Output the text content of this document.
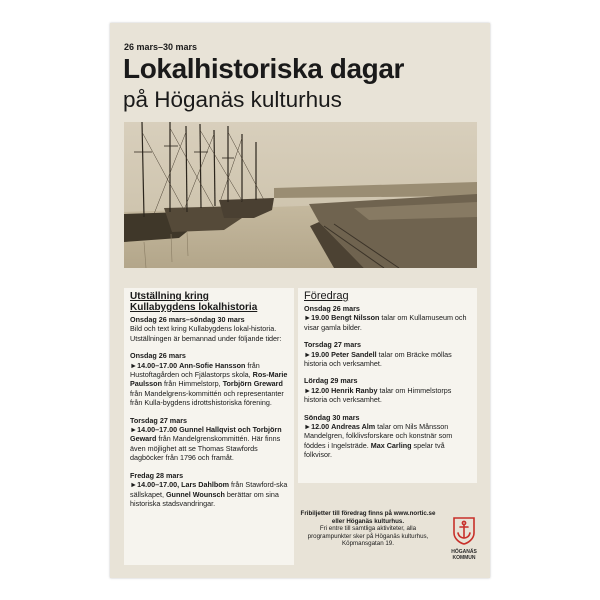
26 mars–30 mars
Lokalhistoriska dagar
på Höganäs kulturhus
Utställning kring
Kullabygdens lokalhistoria
Onsdag 26 mars–söndag 30 mars
Bild och text kring Kullabygdens lokal-historia. Utställningen är bemannad under följande tider:
Onsdag 26 mars
►14.00–17.00 Ann-Sofie Hansson från Hustoftagården och Fjälastorps skola, Ros-Marie Paulsson från Himmelstorp, Torbjörn Greward från Mandelgrens-kommittén och representanter från Kulla-bygdens idrottshistoriska förening.
Torsdag 27 mars
►14.00–17.00 Gunnel Hallqvist och Torbjörn Geward från Mandelgrenskommittén. Här finns även möjlighet att se Thomas Stawfords dagböcker från 1796 och framåt.
Fredag 28 mars
►14.00–17.00, Lars Dahlbom från Stawford-ska sällskapet, Gunnel Wounsch berättar om sina historiska stadsvandringar.
Föredrag
Onsdag 26 mars
►19.00 Bengt Nilsson talar om Kullamuseum och visar gamla bilder.
Torsdag 27 mars
►19.00 Peter Sandell talar om Bräcke möllas historia och verksamhet.
Lördag 29 mars
►12.00 Henrik Ranby talar om Himmelstorps historia och verksamhet.
Söndag 30 mars
►12.00 Andreas Alm talar om Nils Månsson Mandelgren, folklivsforskare och konstnär som föddes i Ingelsträde. Max Carling spelar två folkvisor.
Fribiljetter till föredrag finns på www.nortic.se eller Höganäs kulturhus.
Fri entre till samtliga aktiviteter, alla programpunkter sker på Höganäs kulturhus, Köpmansgatan 19.
HÖGANÄS
KOMMUN
